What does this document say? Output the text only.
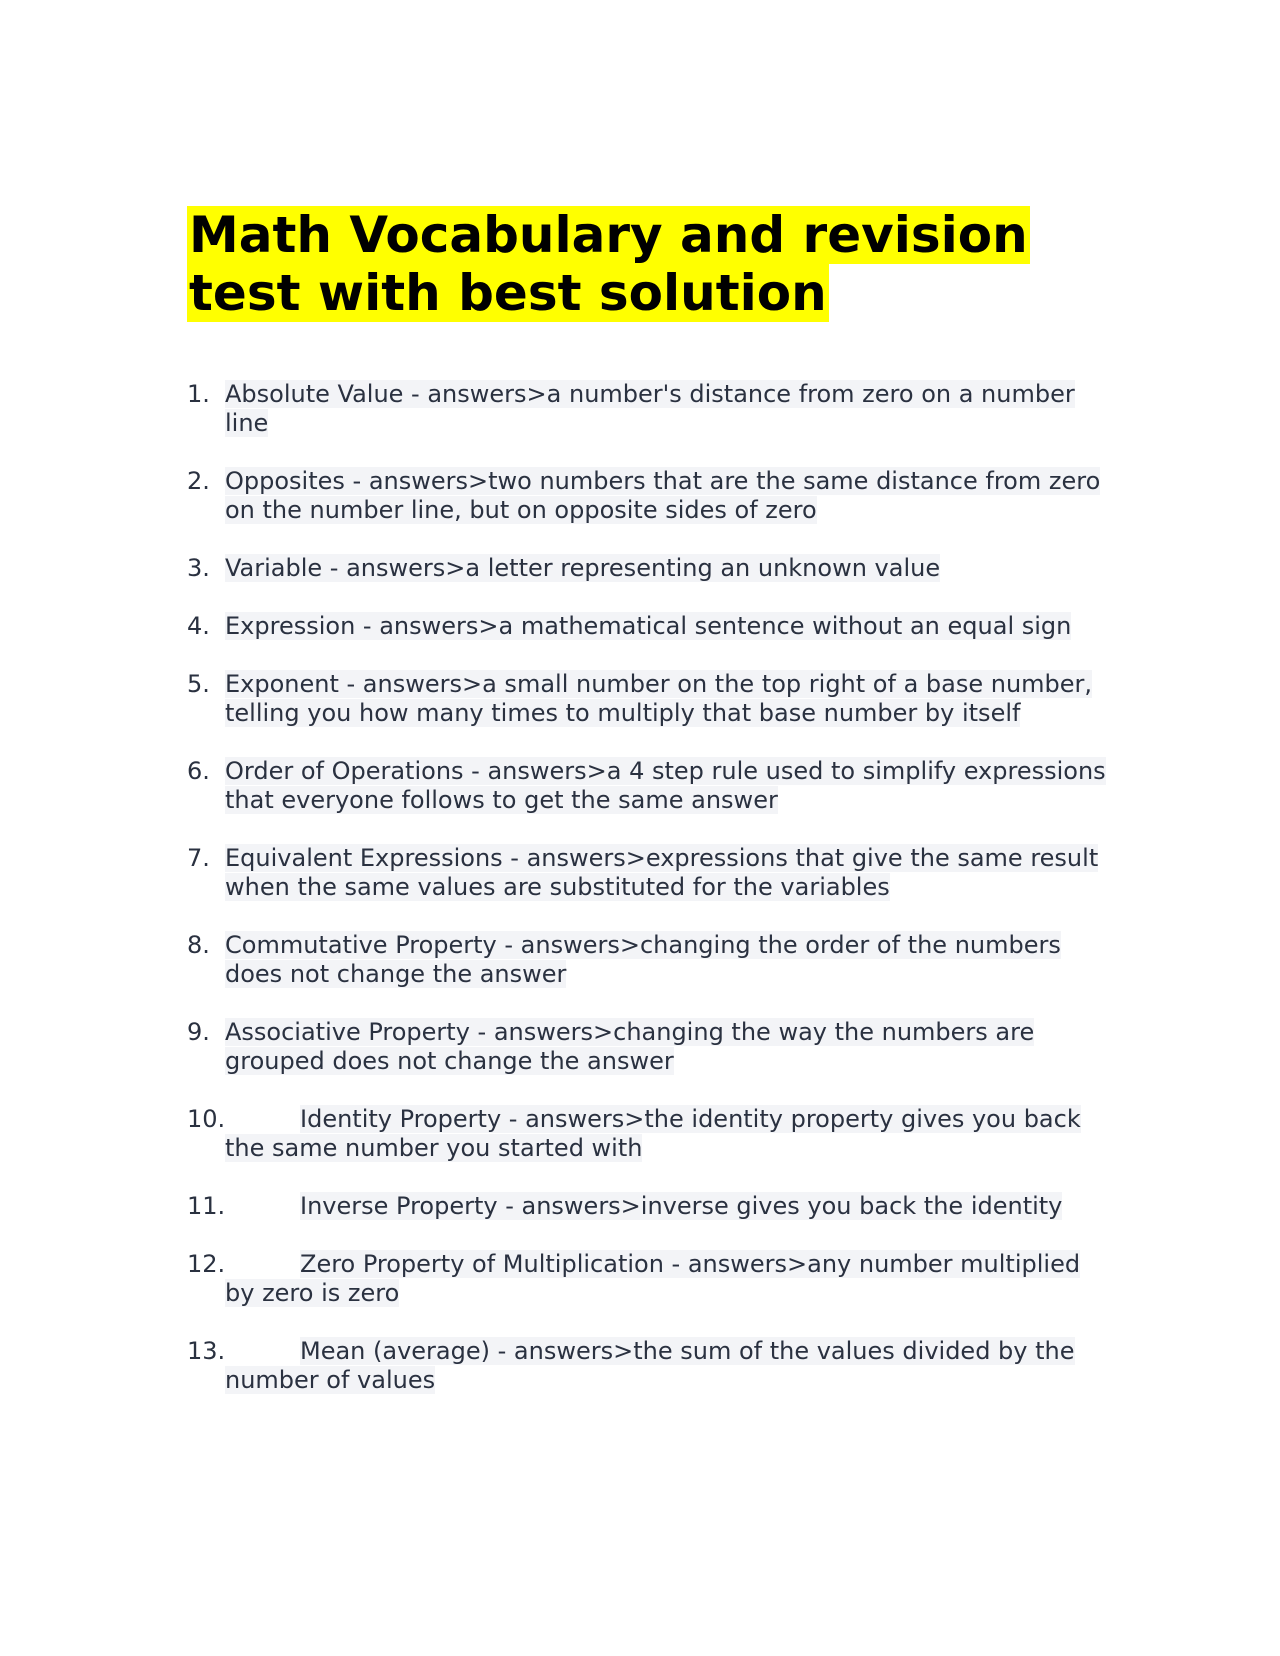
Math Vocabulary and revision test with best solution
1. Absolute Value - answers>a number's distance from zero on a number line
2. Opposites - answers>two numbers that are the same distance from zero on the number line, but on opposite sides of zero
3. Variable - answers>a letter representing an unknown value
4. Expression - answers>a mathematical sentence without an equal sign
5. Exponent - answers>a small number on the top right of a base number, telling you how many times to multiply that base number by itself
6. Order of Operations - answers>a 4 step rule used to simplify expressions that everyone follows to get the same answer
7. Equivalent Expressions - answers>expressions that give the same result when the same values are substituted for the variables
8. Commutative Property - answers>changing the order of the numbers does not change the answer
9. Associative Property - answers>changing the way the numbers are grouped does not change the answer
10.	Identity Property - answers>the identity property gives you back the same number you started with
11.	Inverse Property - answers>inverse gives you back the identity
12.	Zero Property of Multiplication - answers>any number multiplied by zero is zero
13.	Mean (average) - answers>the sum of the values divided by the number of values
